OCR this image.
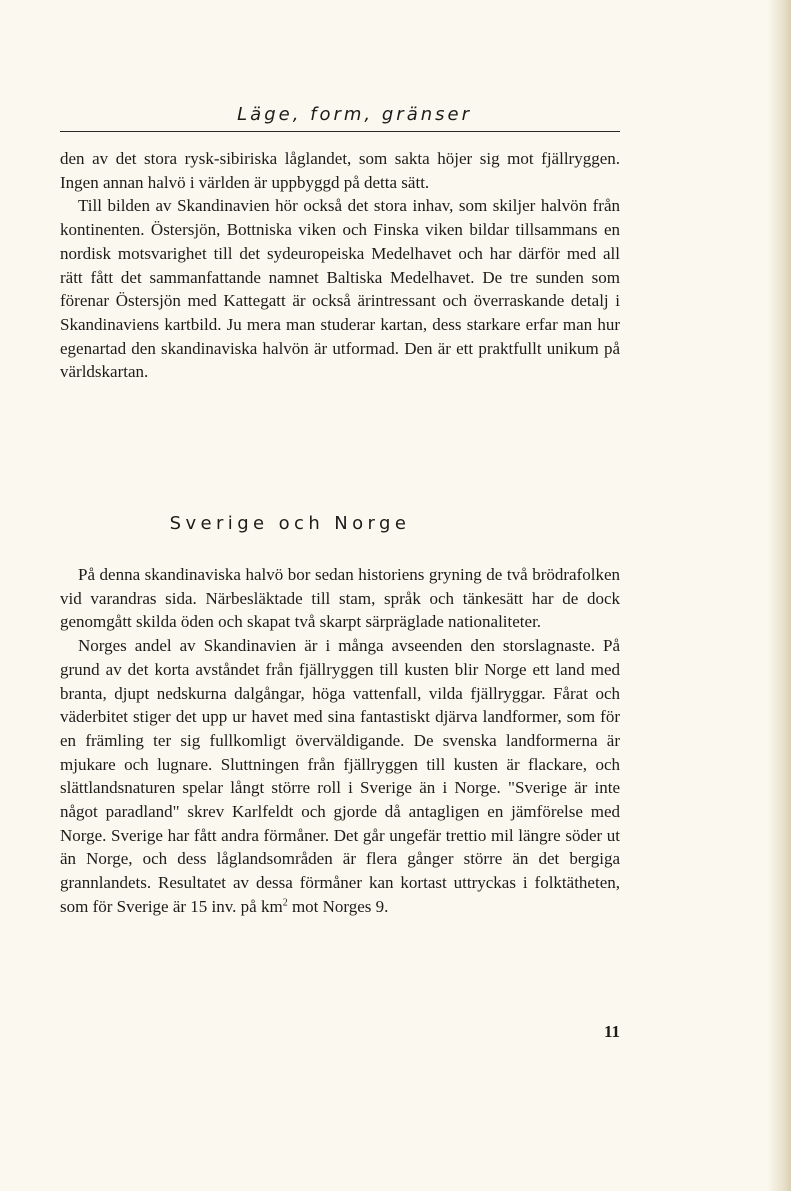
Läge, form, gränser

den av det stora rysk-sibiriska låglandet, som sakta höjer sig mot fjällryggen. Ingen annan halvö i världen är uppbyggd på detta sätt.

Till bilden av Skandinavien hör också det stora inhav, som skiljer halvön från kontinenten. Östersjön, Bottniska viken och Finska viken bildar tillsammans en nordisk motsvarighet till det sydeuropeiska Medelhavet och har därför med all rätt fått det sammanfattande namnet Baltiska Medelhavet. De tre sunden som förenar Östersjön med Kattegatt är också ärintressant och överraskande detalj i Skandinaviens kartbild. Ju mera man studerar kartan, dess starkare erfar man hur egenartad den skandinaviska halvön är utformad. Den är ett praktfullt unikum på världskartan.

Sverige och Norge

På denna skandinaviska halvö bor sedan historiens gryning de två brödrafolken vid varandras sida. Närbesläktade till stam, språk och tänkesätt har de dock genomgått skilda öden och skapat två skarpt särpräglade nationaliteter.

Norges andel av Skandinavien är i många avseenden den storslagnaste. På grund av det korta avståndet från fjällryggen till kusten blir Norge ett land med branta, djupt nedskurna dalgångar, höga vattenfall, vilda fjällryggar. Fårat och väderbitet stiger det upp ur havet med sina fantastiskt djärva landformer, som för en främling ter sig fullkomligt överväldigande. De svenska landformerna är mjukare och lugnare. Sluttningen från fjällryggen till kusten är flackare, och slättlandsnaturen spelar långt större roll i Sverige än i Norge. "Sverige är inte något paradland" skrev Karlfeldt och gjorde då antagligen en jämförelse med Norge. Sverige har fått andra förmåner. Det går ungefär trettio mil längre söder ut än Norge, och dess låglandsområden är flera gånger större än det bergiga grannlandets. Resultatet av dessa förmåner kan kortast uttryckas i folktätheten, som för Sverige är 15 inv. på $km^2$ mot Norges 9.

11
